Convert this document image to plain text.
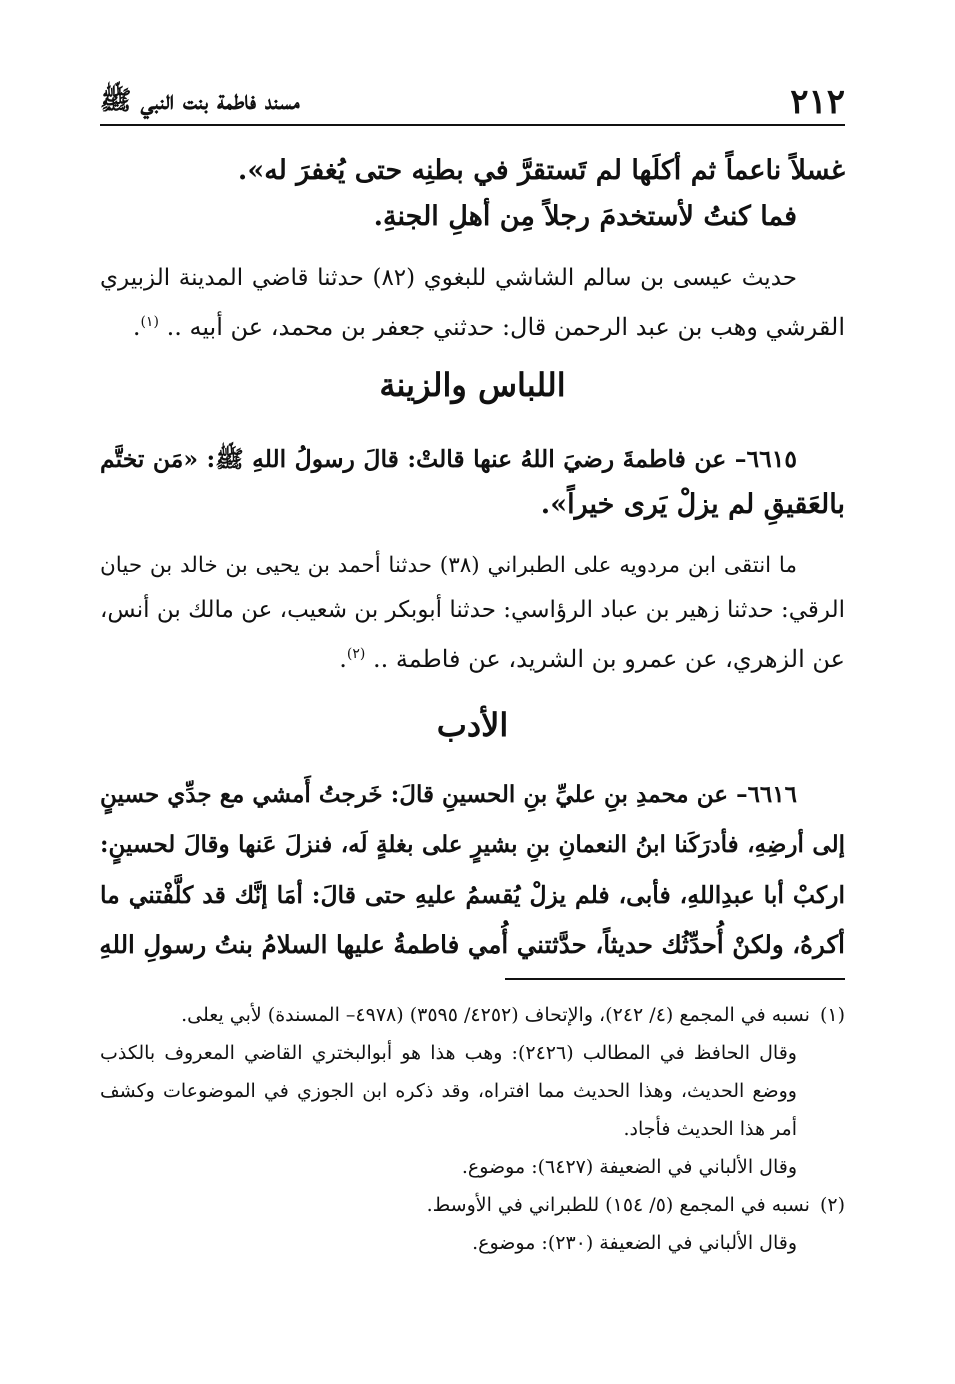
٢١٢
مسند فاطمة بنت النبي ﷺ
غسلاً ناعماً ثم أكلَها لم تَستقرَّ في بطنِه حتى يُغفرَ له».
فما كنتُ لأستخدمَ رجلاً مِن أهلِ الجنةِ.
حديث عيسى بن سالم الشاشي للبغوي (٨٢) حدثنا قاضي المدينة الزبيري
القرشي وهب بن عبد الرحمن قال: حدثني جعفر بن محمد، عن أبيه .. $^{(١)}$.
اللباس والزينة
٦٦١٥– عن فاطمةَ رضيَ اللهُ عنها قالتْ: قالَ رسولُ اللهِ ﷺ: «مَن تختَّم
بالعَقيقِ لم يزلْ يَرى خيراً».
ما انتقى ابن مردويه على الطبراني (٣٨) حدثنا أحمد بن يحيى بن خالد بن حيان
الرقي: حدثنا زهير بن عباد الرؤاسي: حدثنا أبوبكر بن شعيب، عن مالك بن أنس،
عن الزهري، عن عمرو بن الشريد، عن فاطمة .. $^{(٢)}$.
الأدب
٦٦١٦– عن محمدِ بنِ عليِّ بنِ الحسينِ قالَ: خَرجتُ أَمشي مع جدِّي حسينٍ
إلى أرضِهِ، فأدرَكَنا ابنُ النعمانِ بنِ بشيرٍ على بغلةٍ لَه، فنزلَ عَنها وقالَ لحسينٍ:
اركبْ أبا عبدِاللهِ، فأبى، فلم يزلْ يُقسمُ عليهِ حتى قالَ: أمَا إنَّك قد كلَّفْتني ما
أكرهُ، ولكنْ أُحدِّثُك حديثاً، حدَّثتني أُمي فاطمةُ عليها السلامُ بنتُ رسولِ اللهِ
(١)نسبه في المجمع (٤/ ٢٤٢)، والإتحاف (٤٢٥٢/ ٣٥٩٥) (٤٩٧٨– المسندة) لأبي يعلى.
وقال الحافظ في المطالب (٢٤٢٦): وهب هذا هو أبوالبختري القاضي المعروف بالكذب
ووضع الحديث، وهذا الحديث مما افتراه، وقد ذكره ابن الجوزي في الموضوعات وكشف
أمر هذا الحديث فأجاد.
وقال الألباني في الضعيفة (٦٤٢٧): موضوع.
(٢)نسبه في المجمع (٥/ ١٥٤) للطبراني في الأوسط.
وقال الألباني في الضعيفة (٢٣٠): موضوع.
